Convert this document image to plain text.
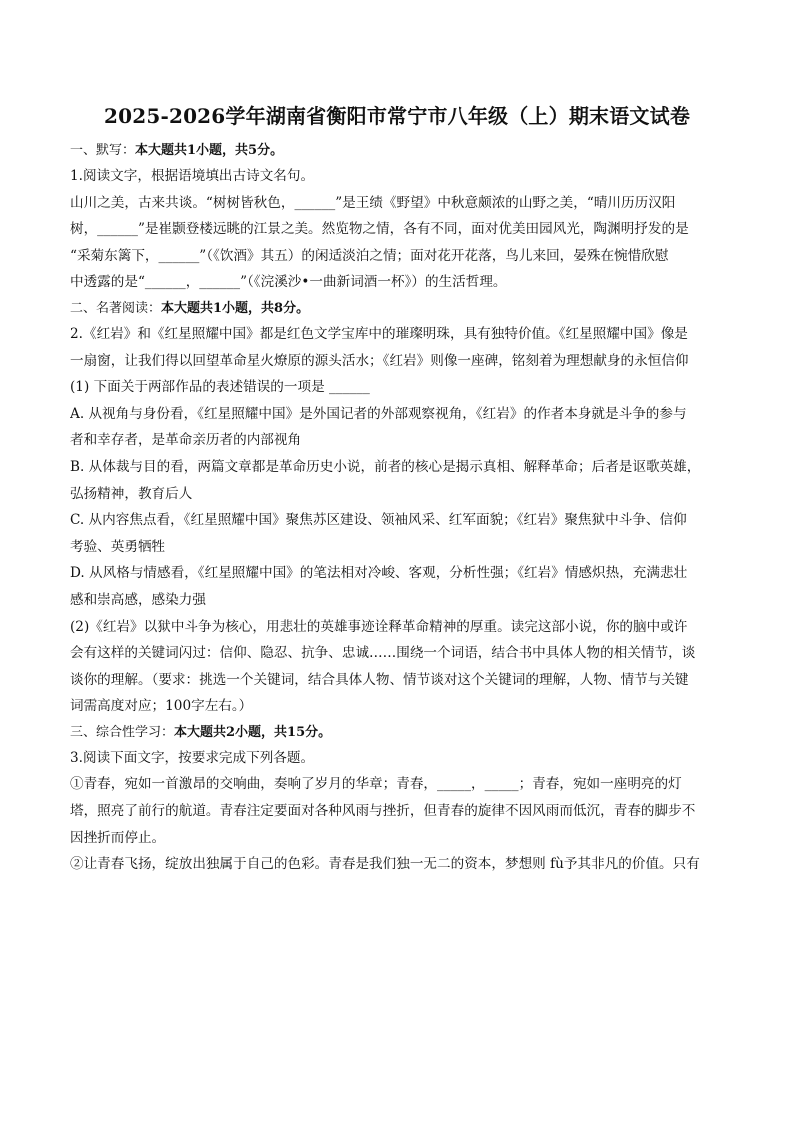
2025-2026学年湖南省衡阳市常宁市八年级（上）期末语文试卷

一、默写：本大题共1小题，共5分。

1.阅读文字，根据语境填出古诗文名句。

山川之美，古来共谈。“树树皆秋色，______”是王绩《野望》中秋意颇浓的山野之美，“晴川历历汉阳
树，______”是崔颢登楼远眺的江景之美。然览物之情，各有不同，面对优美田园风光，陶渊明抒发的是
“采菊东篱下，______”（《饮酒》其五）的闲适淡泊之情；面对花开花落，鸟儿来回，晏殊在惋惜欣慰
中透露的是“______，______”（《浣溪沙•一曲新词酒一杯》）的生活哲理。

二、名著阅读：本大题共1小题，共8分。

2.《红岩》和《红星照耀中国》都是红色文学宝库中的璀璨明珠，具有独特价值。《红星照耀中国》像是
一扇窗，让我们得以回望革命星火燎原的源头活水；《红岩》则像一座碑，铭刻着为理想献身的永恒信仰

(1) 下面关于两部作品的表述错误的一项是 ______

A. 从视角与身份看，《红星照耀中国》是外国记者的外部观察视角，《红岩》的作者本身就是斗争的参与
者和幸存者，是革命亲历者的内部视角

B. 从体裁与目的看，两篇文章都是革命历史小说，前者的核心是揭示真相、解释革命；后者是讴歌英雄，
弘扬精神，教育后人

C. 从内容焦点看，《红星照耀中国》聚焦苏区建设、领袖风采、红军面貌；《红岩》聚焦狱中斗争、信仰
考验、英勇牺牲

D. 从风格与情感看，《红星照耀中国》的笔法相对冷峻、客观，分析性强；《红岩》情感炽热，充满悲壮
感和崇高感，感染力强

(2)《红岩》以狱中斗争为核心，用悲壮的英雄事迹诠释革命精神的厚重。读完这部小说，你的脑中或许
会有这样的关键词闪过：信仰、隐忍、抗争、忠诚……围绕一个词语，结合书中具体人物的相关情节，谈
谈你的理解。（要求：挑选一个关键词，结合具体人物、情节谈对这个关键词的理解，人物、情节与关键
词需高度对应；100字左右。）

三、综合性学习：本大题共2小题，共15分。

3.阅读下面文字，按要求完成下列各题。

①青春，宛如一首激昂的交响曲，奏响了岁月的华章；青春，_____，_____；青春，宛如一座明亮的灯
塔，照亮了前行的航道。青春注定要面对各种风雨与挫折，但青春的旋律不因风雨而低沉，青春的脚步不
因挫折而停止。

②让青春飞扬，绽放出独属于自己的色彩。青春是我们独一无二的资本，梦想则 fù予其非凡的价值。只有
